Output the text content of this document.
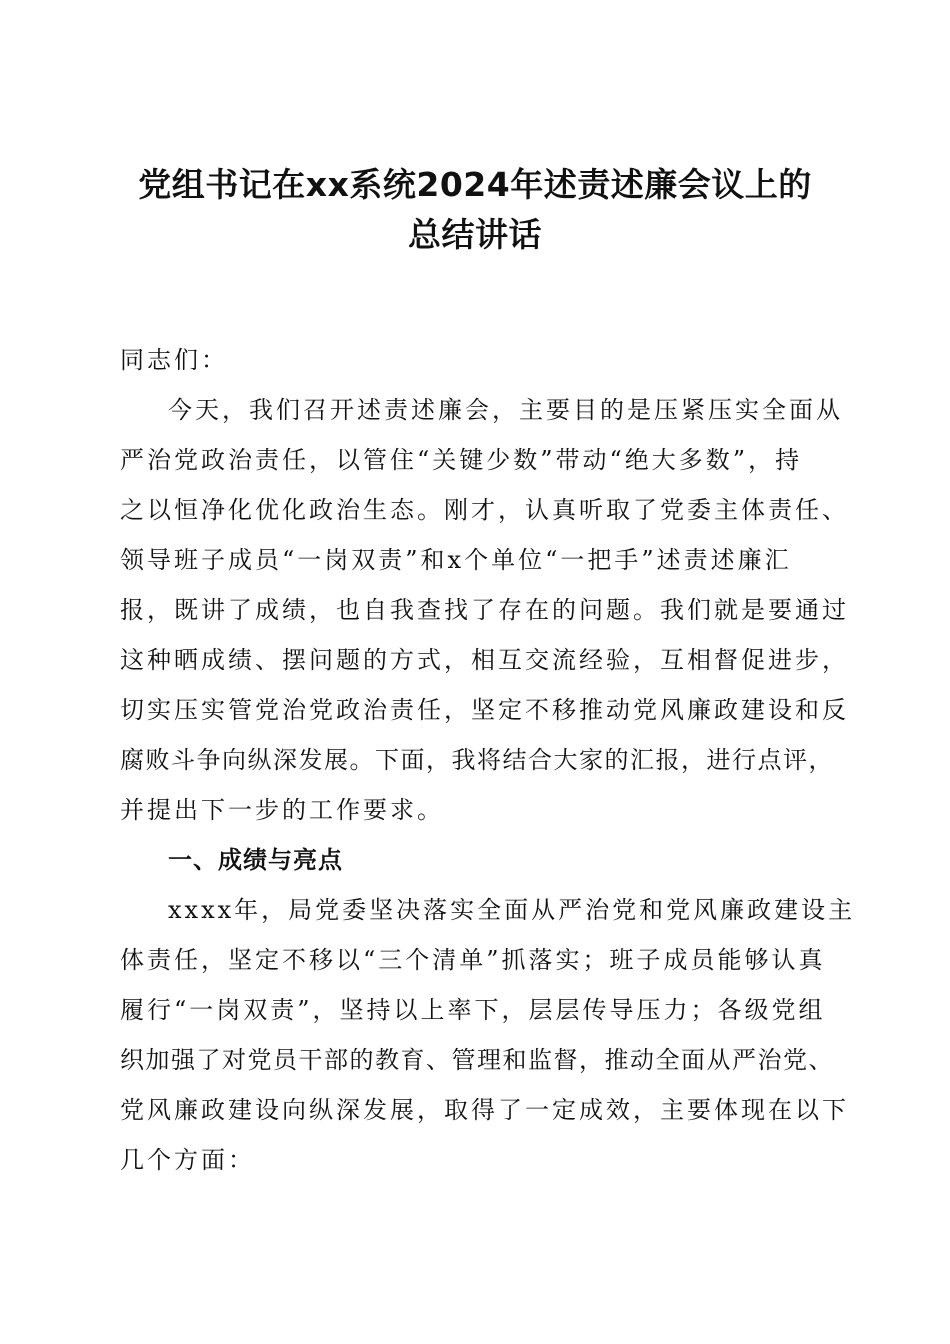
党组书记在xx系统2024年述责述廉会议上的
总结讲话
同志们：
今天，我们召开述责述廉会，主要目的是压紧压实全面从
严治党政治责任，以管住“关键少数”带动“绝大多数”，持
之以恒净化优化政治生态。刚才，认真听取了党委主体责任、
领导班子成员“一岗双责”和x个单位“一把手”述责述廉汇
报，既讲了成绩，也自我查找了存在的问题。我们就是要通过
这种晒成绩、摆问题的方式，相互交流经验，互相督促进步，
切实压实管党治党政治责任，坚定不移推动党风廉政建设和反
腐败斗争向纵深发展。下面，我将结合大家的汇报，进行点评，
并提出下一步的工作要求。
一、成绩与亮点
xxxx年，局党委坚决落实全面从严治党和党风廉政建设主
体责任，坚定不移以“三个清单”抓落实；班子成员能够认真
履行“一岗双责”，坚持以上率下，层层传导压力；各级党组
织加强了对党员干部的教育、管理和监督，推动全面从严治党、
党风廉政建设向纵深发展，取得了一定成效，主要体现在以下
几个方面：
